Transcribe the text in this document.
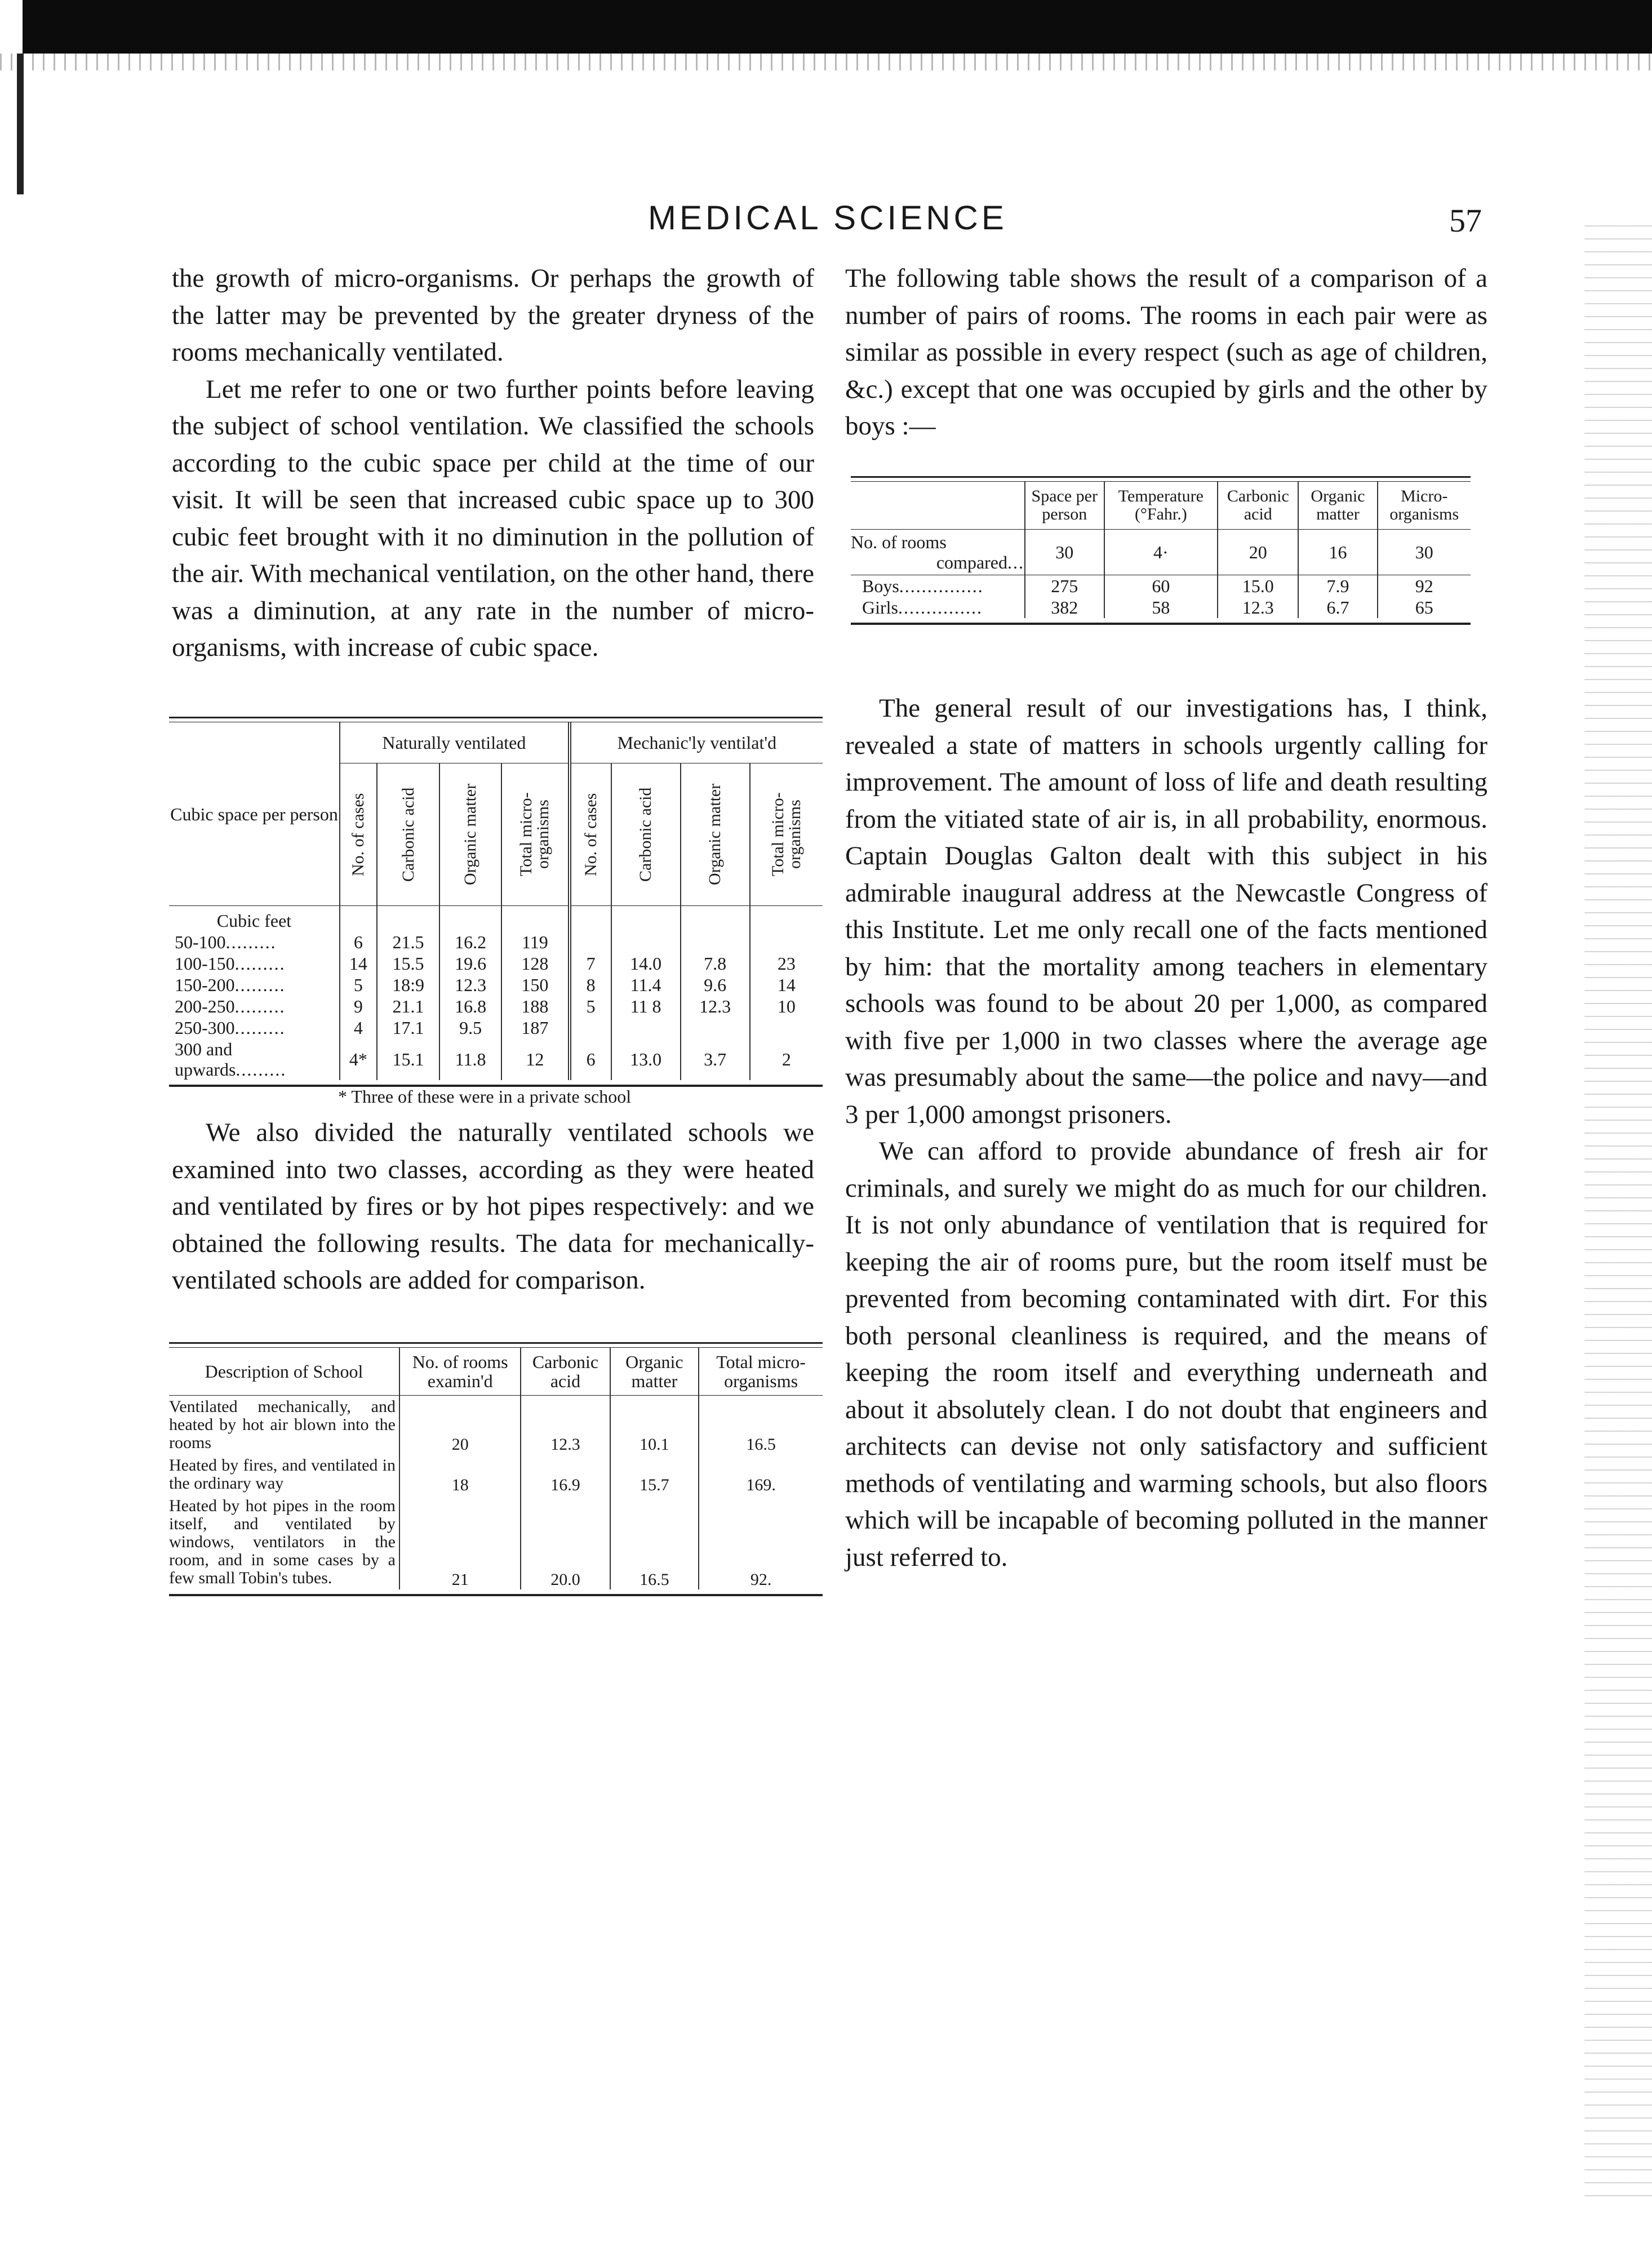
MEDICAL SCIENCE	57

the growth of micro-organisms. Or perhaps the growth of the latter may be prevented by the greater dryness of the rooms mechanically ventilated.

Let me refer to one or two further points before leaving the subject of school ventilation. We classified the schools according to the cubic space per child at the time of our visit. It will be seen that increased cubic space up to 300 cubic feet brought with it no diminution in the pollution of the air. With mechanical ventilation, on the other hand, there was a diminution, at any rate in the number of micro-organisms, with increase of cubic space.

Cubic space per person	Naturally ventilated				Mechanic'ly ventilat'd			

	No. of cases	Carbonic acid	Organic matter	Total micro-organisms	No. of cases	Carbonic acid	Organic matter	Total micro-organisms

Cubic feet								
50-100.........	6	21.5	16.2	119				
100-150.........	14	15.5	19.6	128	7	14.0	7.8	23
150-200.........	5	18:9	12.3	150	8	11.4	9.6	14
200-250.........	9	21.1	16.8	188	5	11 8	12.3	10
250-300.........	4	17.1	9.5	187				
300 and upwards.........	4*	15.1	11.8	12	6	13.0	3.7	2
* Three of these were in a private school

We also divided the naturally ventilated schools we examined into two classes, according as they were heated and ventilated by fires or by hot pipes respectively: and we obtained the following results. The data for mechanically-ventilated schools are added for comparison.

Description of School	No. of rooms examin'd	Carbonic acid	Organic matter	Total micro-organisms
Ventilated mechanically, and heated by hot air blown into the rooms	20	12.3	10.1	16.5
Heated by fires, and ventilated in the ordinary way	18	16.9	15.7	169.
Heated by hot pipes in the room itself, and ventilated by windows, ventilators in the room, and in some cases by a few small Tobin's tubes.	21	20.0	16.5	92.

The following table shows the result of a comparison of a number of pairs of rooms. The rooms in each pair were as similar as possible in every respect (such as age of children, &c.) except that one was occupied by girls and the other by boys :—

	Space per person	Temperature (°Fahr.)	Carbonic acid	Organic matter	Micro-organisms

No. of rooms
compared...	30	4·	20	16	30
Boys...............	275	60	15.0	7.9	92
Girls...............	382	58	12.3	6.7	65

The general result of our investigations has, I think, revealed a state of matters in schools urgently calling for improvement. The amount of loss of life and death resulting from the vitiated state of air is, in all probability, enormous. Captain Douglas Galton dealt with this subject in his admirable inaugural address at the Newcastle Congress of this Institute. Let me only recall one of the facts mentioned by him: that the mortality among teachers in elementary schools was found to be about 20 per 1,000, as compared with five per 1,000 in two classes where the average age was presumably about the same—the police and navy—and 3 per 1,000 amongst prisoners.

We can afford to provide abundance of fresh air for criminals, and surely we might do as much for our children. It is not only abundance of ventilation that is required for keeping the air of rooms pure, but the room itself must be prevented from becoming contaminated with dirt. For this both personal cleanliness is required, and the means of keeping the room itself and everything underneath and about it absolutely clean. I do not doubt that engineers and architects can devise not only satisfactory and sufficient methods of ventilating and warming schools, but also floors which will be incapable of becoming polluted in the manner just referred to.
